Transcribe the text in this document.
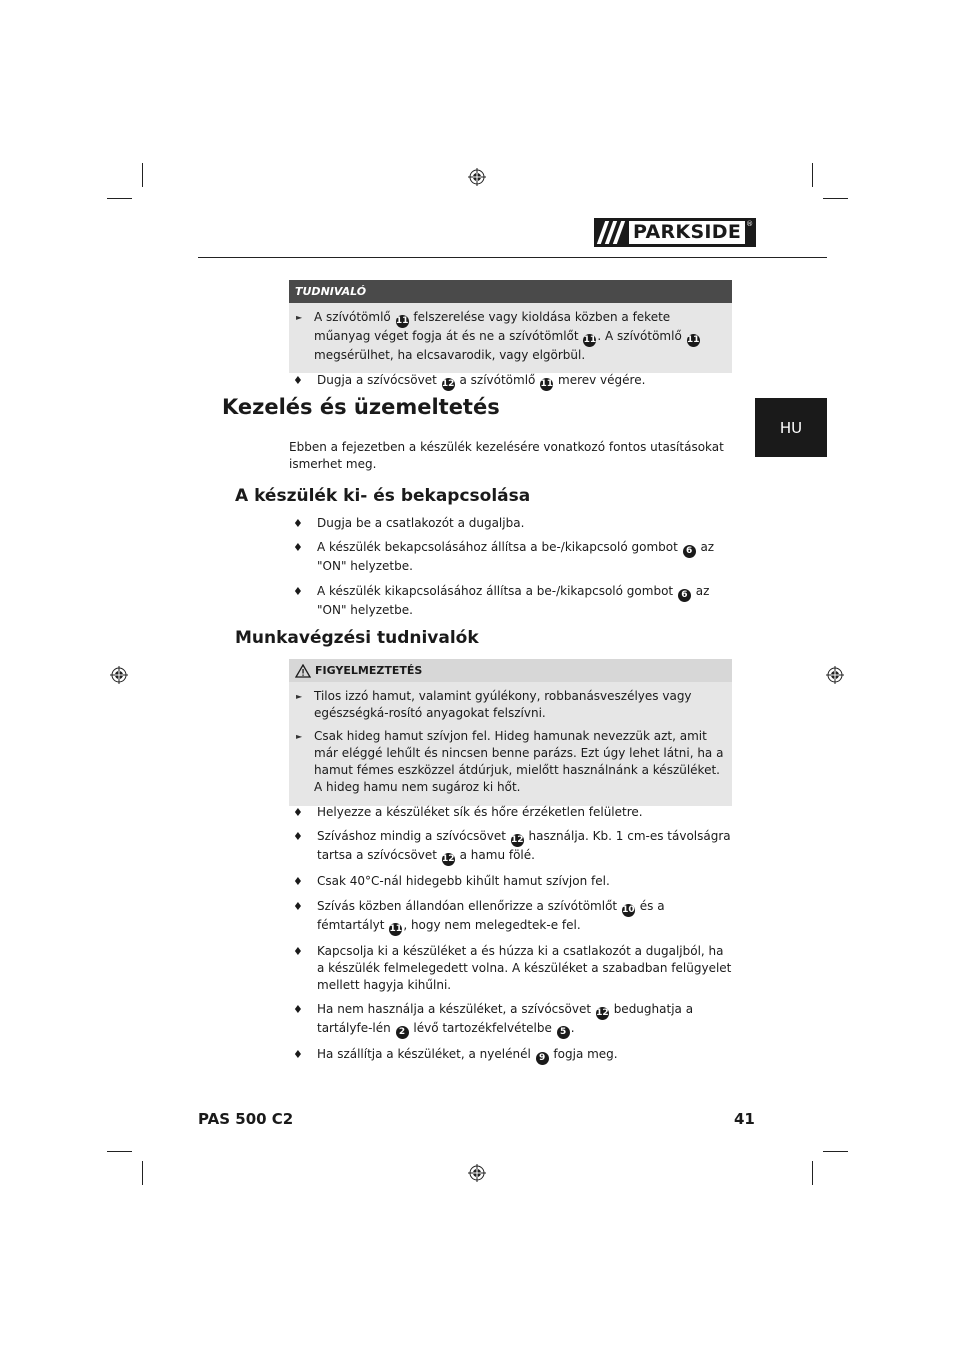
PARKSIDE ®
HU
TUDNIVALÓ
► A szívótömlő 11 felszerelése vagy kioldása közben a fekete műanyag véget fogja át és ne a szívótömlőt 11. A szívótömlő 11 megsérülhet, ha elcsavarodik, vagy elgörbül.
♦ Dugja a szívócsövet 12 a szívótömlő 11 merev végére.
Kezelés és üzemeltetés

Ebben a fejezetben a készülék kezelésére vonatkozó fontos utasításokat ismerhet meg.

A készülék ki- és bekapcsolása
♦ Dugja be a csatlakozót a dugaljba.
♦ A készülék bekapcsolásához állítsa a be-/kikapcsoló gombot 6 az "ON" helyzetbe.
♦ A készülék kikapcsolásához állítsa a be-/kikapcsoló gombot 6 az "ON" helyzetbe.
Munkavégzési tudnivalók
FIGYELMEZTETÉS
► Tilos izzó hamut, valamint gyúlékony, robbanásveszélyes vagy egészségká-rosító anyagokat felszívni.
► Csak hideg hamut szívjon fel. Hideg hamunak nevezzük azt, amit már eléggé lehűlt és nincsen benne parázs. Ezt úgy lehet látni, ha a hamut fémes eszközzel átdúrjuk, mielőtt használnánk a készüléket. A hideg hamu nem sugároz ki hőt.
♦ Helyezze a készüléket sík és hőre érzéketlen felületre.
♦ Szíváshoz mindig a szívócsövet 12 használja. Kb. 1 cm-es távolságra tartsa a szívócsövet 12 a hamu fölé.
♦ Csak 40°C-nál hidegebb kihűlt hamut szívjon fel.
♦ Szívás közben állandóan ellenőrizze a szívótömlőt 10 és a fémtartályt 11, hogy nem melegedtek-e fel.
♦ Kapcsolja ki a készüléket a és húzza ki a csatlakozót a dugaljból, ha a készülék felmelegedett volna. A készüléket a szabadban felügyelet mellett hagyja kihűlni.
♦ Ha nem használja a készüléket, a szívócsövet 12 bedughatja a tartályfe-lén 2 lévő tartozékfelvételbe 5 .
♦ Ha szállítja a készüléket, a nyelénél 9 fogja meg.
PAS 500 C2	41
